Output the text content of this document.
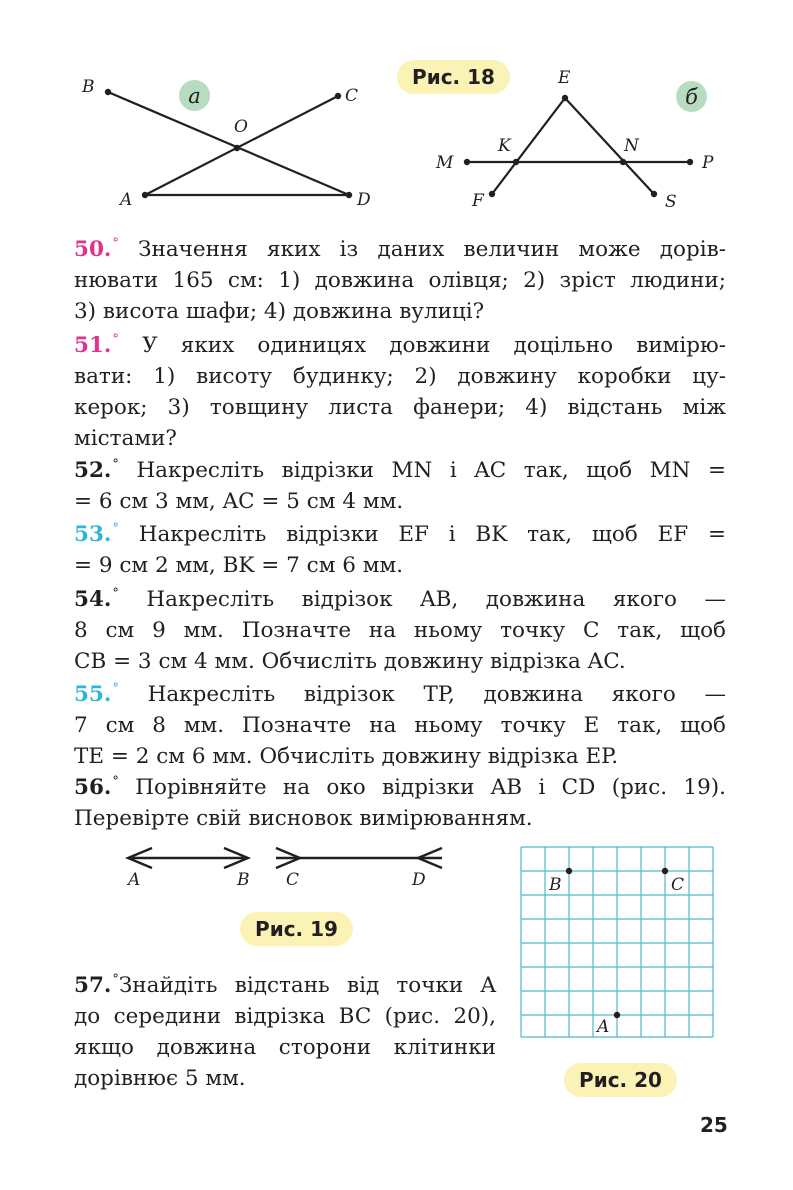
B	C
O
A	D
E
K	N
M	P
F	S
а	б
Рис. 18
50.° Значення яких із даних величин може дорів-
нювати 165 см: 1) довжина олівця; 2) зріст людини;
3) висота шафи; 4) довжина вулиці?
51.° У яких одиницях довжини доцільно вимірю-
вати: 1) висоту будинку; 2) довжину коробки цу-
керок; 3) товщину листа фанери; 4) відстань між
містами?
52.° Накресліть відрізки MN і AC так, щоб MN =
= 6 см 3 мм, AC = 5 см 4 мм.
53.° Накресліть відрізки EF і BK так, щоб EF =
= 9 см 2 мм, BK = 7 см 6 мм.
54.° Накресліть відрізок AB, довжина якого —
8 см 9 мм. Позначте на ньому точку C так, щоб
CB = 3 см 4 мм. Обчисліть довжину відрізка AC.
55.° Накресліть відрізок TP, довжина якого —
7 см 8 мм. Позначте на ньому точку E так, щоб
TE = 2 см 6 мм. Обчисліть довжину відрізка EP.
56.° Порівняйте на око відрізки AB і CD (рис. 19).
Перевірте свій висновок вимірюванням.
A	B C	D
Рис. 19
57.°Знайдіть відстань від точки A
до середини відрізка BC (рис. 20),
якщо довжина сторони клітинки
дорівнює 5 мм.
B	C
A
Рис. 20
25
